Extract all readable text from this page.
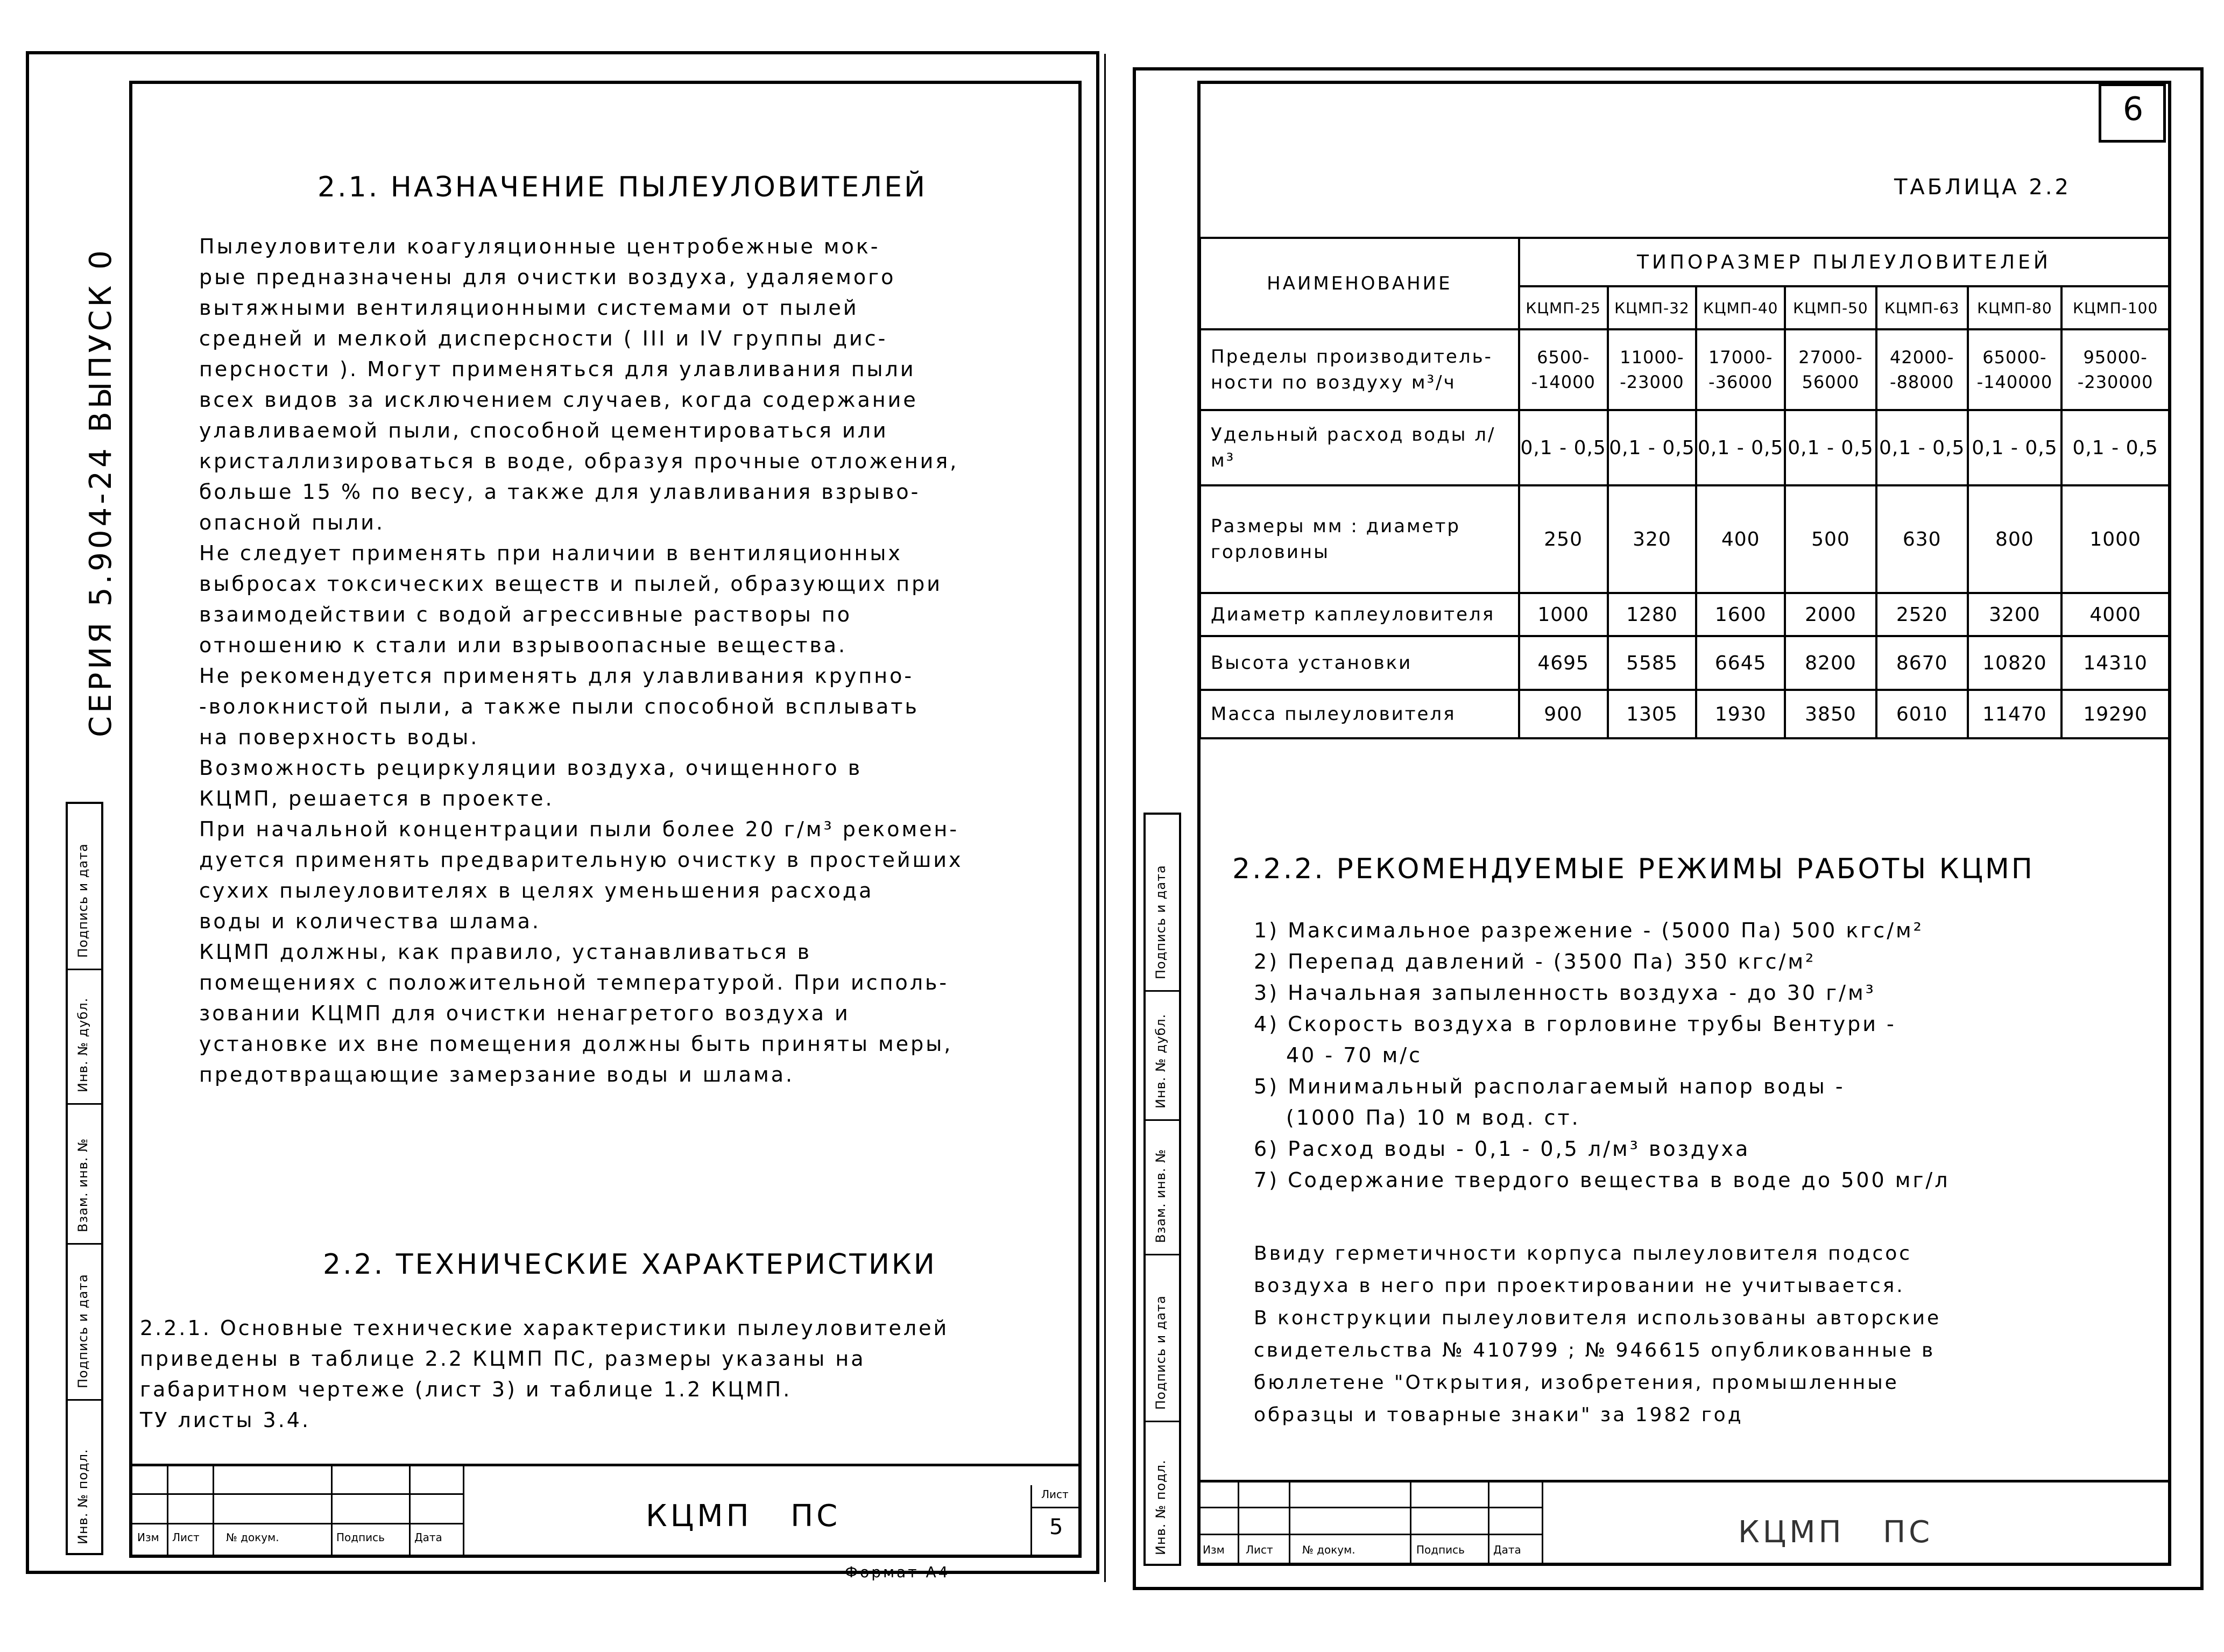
СЕРИЯ 5.904-24 ВЫПУСК 0
Подпись и дата
Инв. № дубл.
Взам. инв. №
Подпись и дата
Инв. № подл.
2.1. НАЗНАЧЕНИЕ ПЫЛЕУЛОВИТЕЛЕЙ

Пылеуловители коагуляционные центробежные мок-

рые предназначены для очистки воздуха, удаляемого

вытяжными вентиляционными системами от пылей

средней и мелкой дисперсности ( III и IV группы дис-

персности ). Могут применяться для улавливания пыли

всех видов за исключением случаев, когда содержание

улавливаемой пыли, способной цементироваться или

кристаллизироваться в воде, образуя прочные отложения,

больше 15 % по весу, а также для улавливания взрыво-

опасной пыли.

Не следует применять при наличии в вентиляционных

выбросах токсических веществ и пылей, образующих при

взаимодействии с водой агрессивные растворы по

отношению к стали или взрывоопасные вещества.

Не рекомендуется применять для улавливания крупно-

-волокнистой пыли, а также пыли способной всплывать

на поверхность воды.

Возможность рециркуляции воздуха, очищенного в

КЦМП, решается в проекте.

При начальной концентрации пыли более 20 г/м³ рекомен-

дуется применять предварительную очистку в простейших

сухих пылеуловителях в целях уменьшения расхода

воды и количества шлама.

КЦМП должны, как правило, устанавливаться в

помещениях с положительной температурой. При исполь-

зовании КЦМП для очистки ненагретого воздуха и

установке их вне помещения должны быть приняты меры,

предотвращающие замерзание воды и шлама.

2.2. ТЕХНИЧЕСКИЕ ХАРАКТЕРИСТИКИ

2.2.1. Основные технические характеристики пылеуловителей

приведены в таблице 2.2 КЦМП ПС, размеры указаны на

габаритном чертеже (лист 3) и таблице 1.2 КЦМП.

ТУ листы 3.4.

Изм Лист № докум.	Подпись	Дата
КЦМП   ПС
Лист
5
Формат А4
6
ТАБЛИЦА 2.2
НАИМЕНОВАНИЕ	ТИПОРАЗМЕР ПЫЛЕУЛОВИТЕЛЕЙ						
	КЦМП-25	КЦМП-32	КЦМП-40	КЦМП-50	КЦМП-63	КЦМП-80	КЦМП-100
Пределы производитель-ности по воздуху м³/ч	6500- -14000	11000- -23000	17000- -36000	27000- 56000	42000- -88000	65000- -140000	95000- -230000
Удельный расход воды л/м³	0,1 - 0,5	0,1 - 0,5	0,1 - 0,5	0,1 - 0,5	0,1 - 0,5	0,1 - 0,5	0,1 - 0,5
Размеры мм : диаметр горловины	250	320	400	500	630	800	1000
Диаметр каплеуловителя	1000	1280	1600	2000	2520	3200	4000
Высота установки	4695	5585	6645	8200	8670	10820	14310
Масса пылеуловителя	900	1305	1930	3850	6010	11470	19290
2.2.2. РЕКОМЕНДУЕМЫЕ РЕЖИМЫ РАБОТЫ КЦМП

1) Максимальное разрежение - (5000 Па) 500 кгс/м²

2) Перепад давлений - (3500 Па) 350 кгс/м²

3) Начальная запыленность воздуха - до 30 г/м³

4) Скорость воздуха в горловине трубы Вентури -

40 - 70 м/с

5) Минимальный располагаемый напор воды -

(1000 Па) 10 м вод. ст.

6) Расход воды - 0,1 - 0,5 л/м³ воздуха

7) Содержание твердого вещества в воде до 500 мг/л

Ввиду герметичности корпуса пылеуловителя подсос

воздуха в него при проектировании не учитывается.

В конструкции пылеуловителя использованы авторские

свидетельства № 410799 ; № 946615 опубликованные в

бюллетене "Открытия, изобретения, промышленные

образцы и товарные знаки" за 1982 год

Подпись и дата
Инв. № дубл.
Взам. инв. №
Подпись и дата
Инв. № подл.	Изм Лист	№ докум.	Подпись	Дата	КЦМП   ПС
